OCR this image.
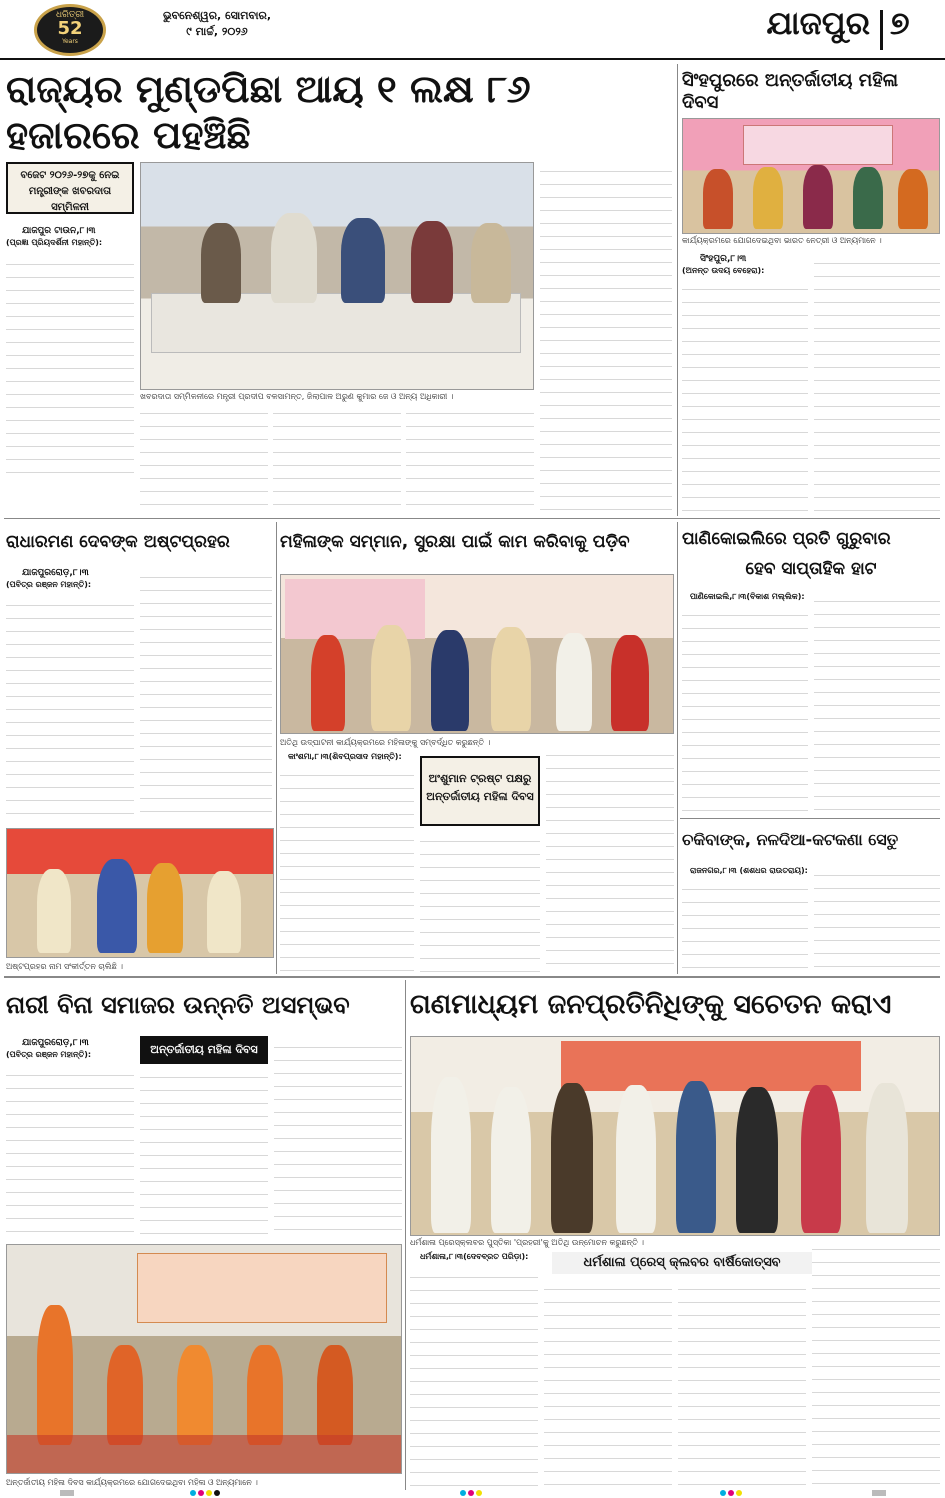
ଧରିତ୍ରୀ
52
Years
ଭୁବନେଶ୍ୱର, ସୋମବାର,
୯ ମାର୍ଚ୍ଚ, ୨୦୨୬	ଯାଜପୁର ୭
ରାଜ୍ୟର ମୁଣ୍ଡପିଛା ଆୟ ୧ ଲକ୍ଷ ୮୬ ହଜାରରେ ପହଞ୍ଚିଛି
ବଜେଟ ୨୦୨୬-୨୭କୁ ନେଇ ମନ୍ତ୍ରୀଙ୍କ ଖବରଦାତା ସମ୍ମିଳନୀ
ଯାଜପୁର ଟାଉନ,୮।୩
(ପ୍ରଜ୍ଞା ପ୍ରିୟଦର୍ଶିନୀ ମହାନ୍ତି):
ଖବରଦାତା ସମ୍ମିଳନୀରେ ମନ୍ତ୍ରୀ ପ୍ରଦୀପ ବଳସାମନ୍ତ, ଜିଲାପାଳ ଅରୁଣ କୁମାର ଜେ ଓ ଅନ୍ୟ ଅଧିକାରୀ ।
ସିଂହପୁରରେ ଅନ୍ତର୍ଜାତୀୟ ମହିଳା ଦିବସ
କାର୍ଯ୍ୟକ୍ରମରେ ଯୋଗଦେଇଥିବା ଭାରତ ନେତ୍ରୀ ଓ ଅନ୍ୟମାନେ ।
ସିଂହପୁର,୮।୩
(ଅନନ୍ତ ଉଦୟ ବେହେରା):
ରାଧାରମଣ ଦେବଙ୍କ ଅଷ୍ଟପ୍ରହର
ଯାଜପୁରରୋଡ଼,୮।୩
(ପବିତ୍ର ରଞ୍ଜନ ମହାନ୍ତି):
ଅଷ୍ଟପ୍ରହର ନାମ ସଂକୀର୍ତ୍ତନ ଚାଲିଛି ।
ମହିଳାଙ୍କ ସମ୍ମାନ, ସୁରକ୍ଷା ପାଇଁ କାମ କରିବାକୁ ପଡ଼ିବ
ଅତିଥି ଉଦ୍‌ଘାଟନୀ କାର୍ଯ୍ୟକ୍ରମରେ ମହିଳାଙ୍କୁ ସମ୍ବର୍ଦ୍ଧିତ କରୁଛନ୍ତି ।
କାଂଶମା,୮।୩(ଶିବପ୍ରସାଦ ମହାନ୍ତି):
ଅଂଶୁମାନ ଟ୍ରଷ୍ଟ ପକ୍ଷରୁ
ଅନ୍ତର୍ଜାତୀୟ ମହିଳା ଦିବସ
ପାଣିକୋଇଲିରେ ପ୍ରତି ଗୁରୁବାର
ହେବ ସାପ୍ତାହିକ ହାଟ
ପାଣିକୋଇଲି,୮।୩(ବିକାଶ ମଲ୍ଲିକ):
ଚକିବାଙ୍କ, ନଳଦିଆ-କଟକଣା ସେତୁ
ରାଜନଗର,୮।୩ (ଶଶଧର ରାଉତରାୟ):
ନାରୀ ବିନା ସମାଜର ଉନ୍ନତି ଅସମ୍ଭବ
ଯାଜପୁରରୋଡ଼,୮।୩
(ପବିତ୍ର ରଞ୍ଜନ ମହାନ୍ତି):	ଅନ୍ତର୍ଜାତୀୟ ମହିଳା ଦିବସ
ଅନ୍ତର୍ଜାତୀୟ ମହିଳା ଦିବସ କାର୍ଯ୍ୟକ୍ରମରେ ଯୋଗଦେଇଥିବା ମହିଳା ଓ ଅନ୍ୟମାନେ ।
ଗଣମାଧ୍ୟମ ଜନପ୍ରତିନିଧିଙ୍କୁ ସଚେତନ କରାଏ
ଧର୍ମଶାଳା ପ୍ରେସ୍‌କ୍ଲବର ପୁସ୍ତିକା 'ପ୍ରହରୀ'କୁ ଅତିଥି ଉନ୍ମୋଚନ କରୁଛନ୍ତି ।
ଧର୍ମଶାଳା,୮।୩(ଦେବବ୍ରତ ପରିଡ଼ା):	ଧର୍ମଶାଳା ପ୍ରେସ୍ କ୍ଲବର ବାର୍ଷିକୋତ୍ସବ
